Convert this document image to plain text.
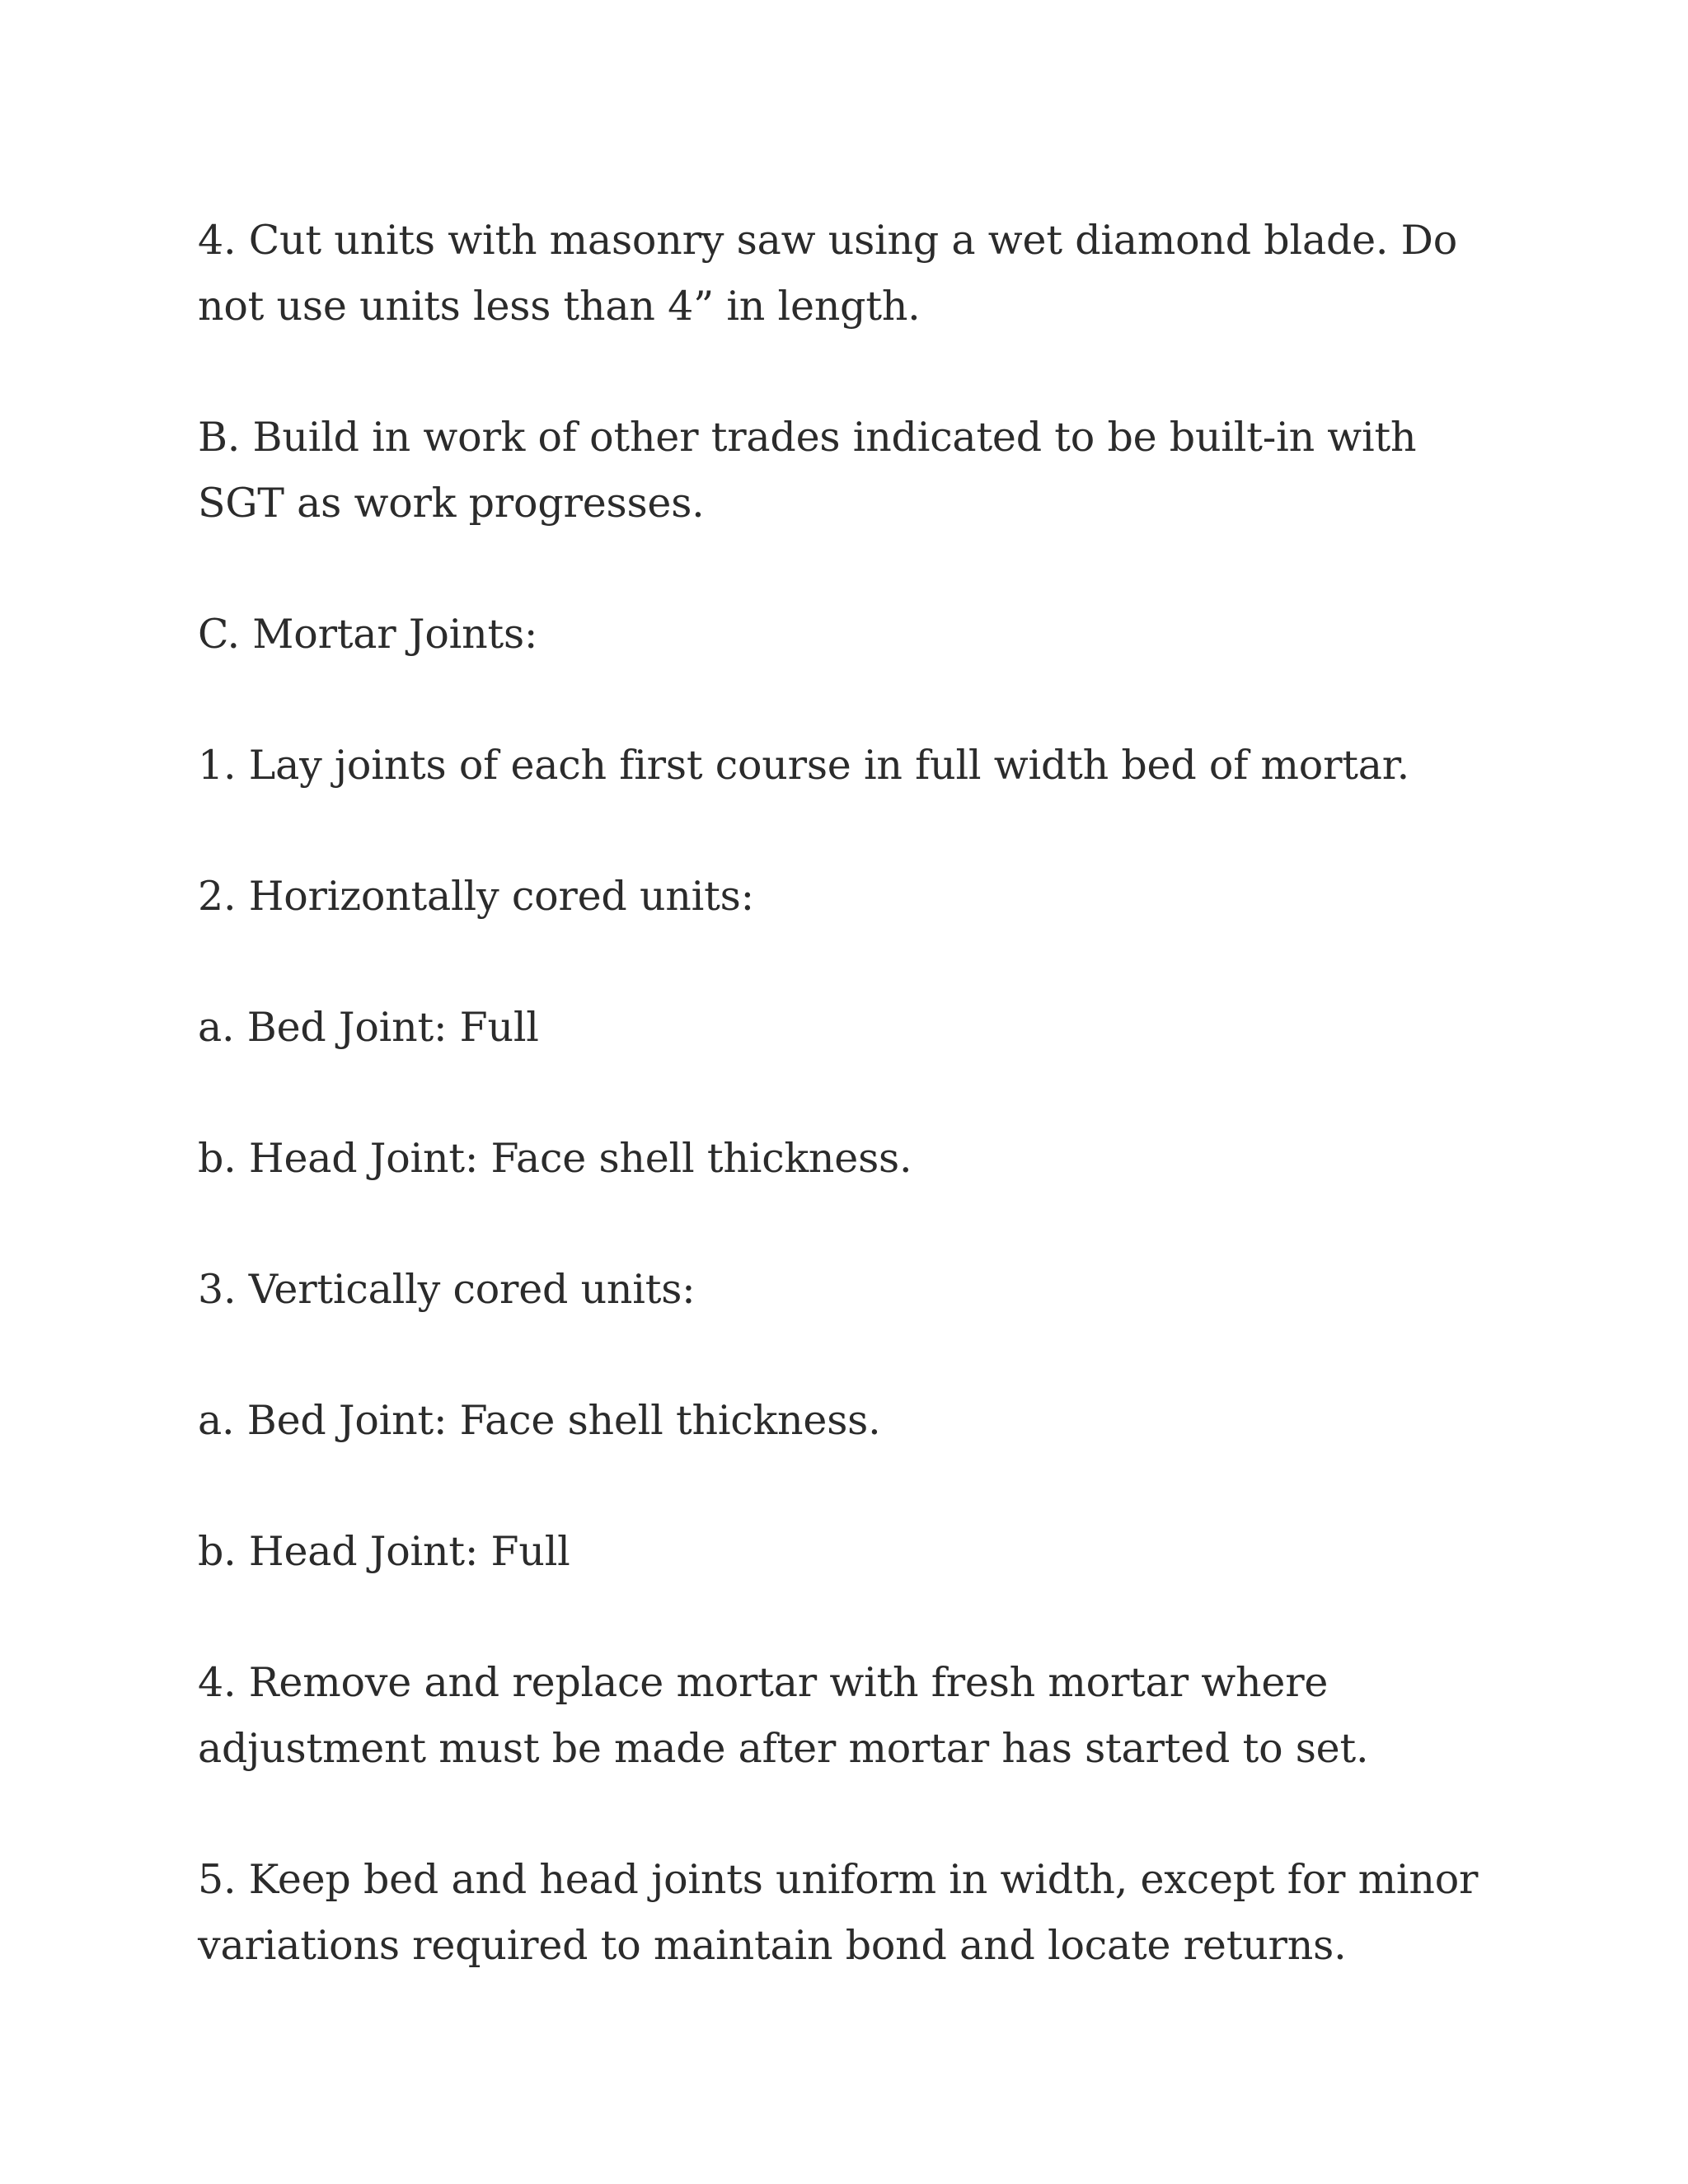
4. Cut units with masonry saw using a wet diamond blade. Do not use units less than 4” in length.

B. Build in work of other trades indicated to be built-in with SGT as work progresses.

C. Mortar Joints:

1. Lay joints of each first course in full width bed of mortar.

2. Horizontally cored units:

a. Bed Joint: Full

b. Head Joint: Face shell thickness.

3. Vertically cored units:

a. Bed Joint: Face shell thickness.

b. Head Joint: Full

4. Remove and replace mortar with fresh mortar where adjustment must be made after mortar has started to set.

5. Keep bed and head joints uniform in width, except for minor variations required to maintain bond and locate returns.
